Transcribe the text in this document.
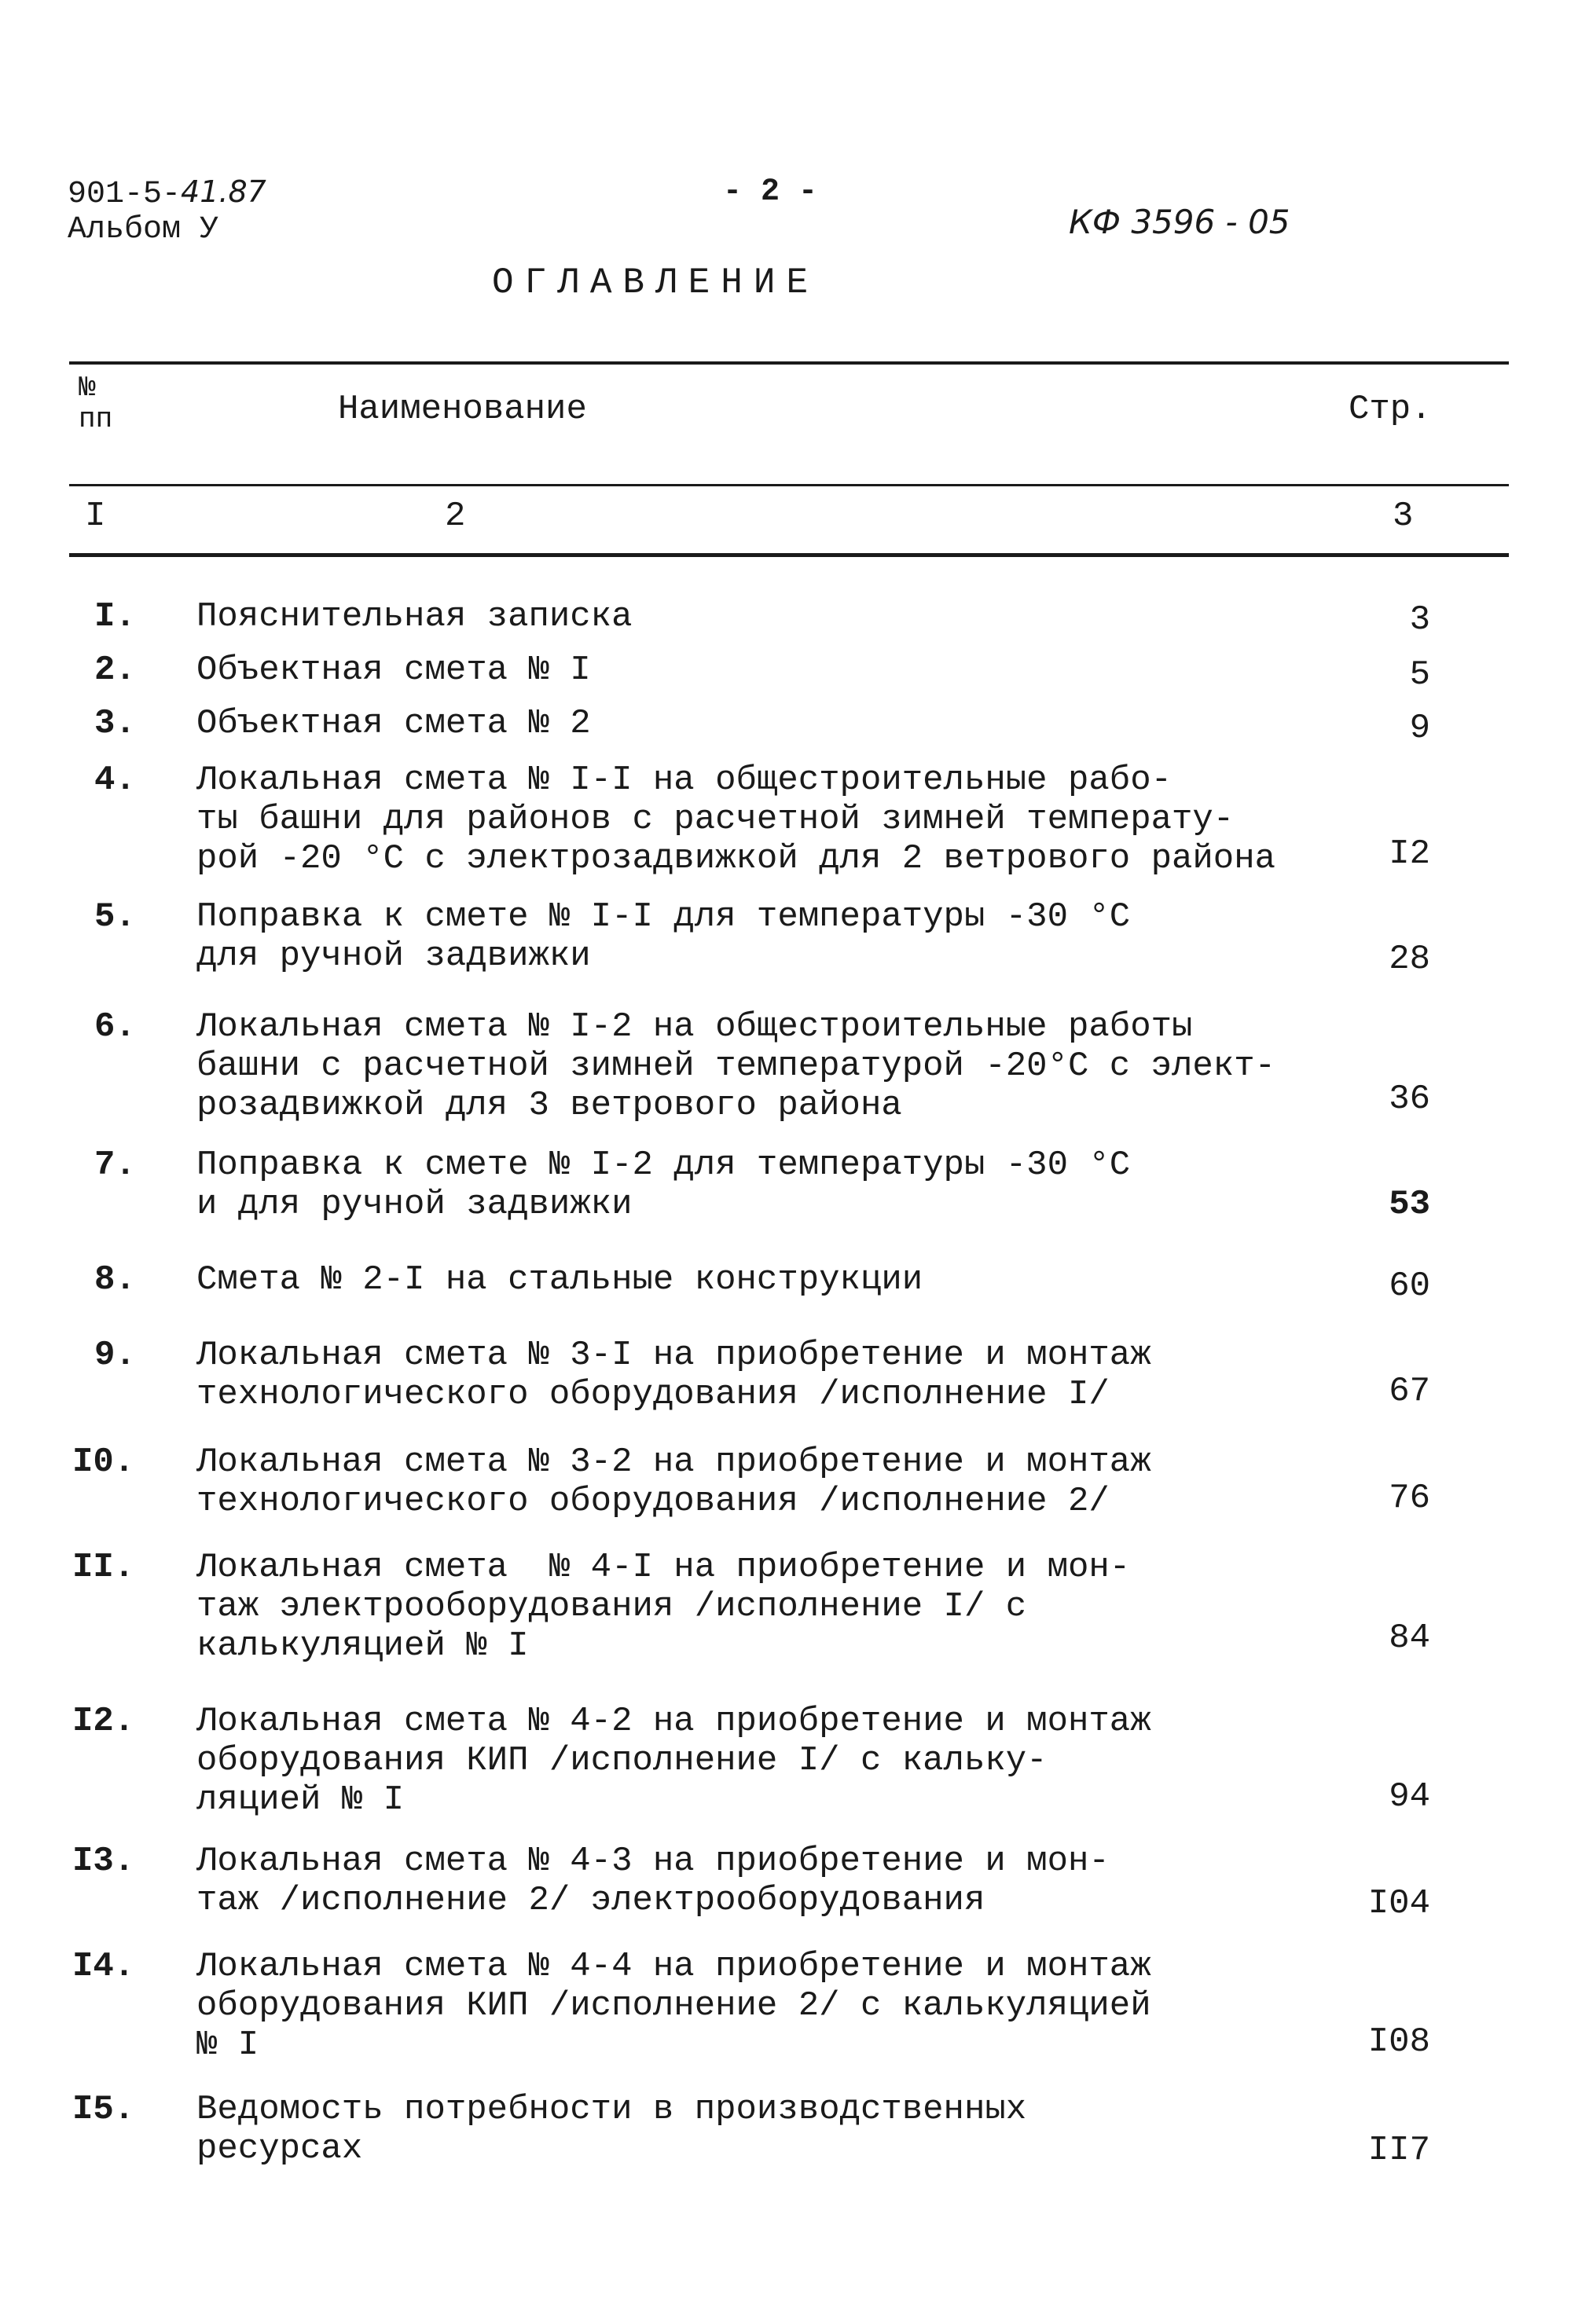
901-5-41.87
Альбом У
- 2 -
КФ 3596 - 05
ОГЛАВЛЕНИЕ
№
пп	Наименование	Стр.
I	2	3
I. Пояснительная записка	3
2. Объектная смета № I	5
3. Объектная смета № 2	9
4. Локальная смета № I-I на общестроительные рабо-
ты башни для районов с расчетной зимней температу-
рой -20 °С с электрозадвижкой для 2 ветрового района	I2
5. Поправка к смете № I-I для температуры -30 °С
для ручной задвижки	28
6. Локальная смета № I-2 на общестроительные работы
башни с расчетной зимней температурой -20°С с элект-
розадвижкой для 3 ветрового района	36
7. Поправка к смете № I-2 для температуры -30 °С
и для ручной задвижки	53
8. Смета № 2-I на стальные конструкции	60
9. Локальная смета № 3-I на приобретение и монтаж
технологического оборудования /исполнение I/	67
I0. Локальная смета № 3-2 на приобретение и монтаж
технологического оборудования /исполнение 2/	76
II. Локальная смета  № 4-I на приобретение и мон-
таж электрооборудования /исполнение I/ с
калькуляцией № I	84
I2. Локальная смета № 4-2 на приобретение и монтаж
оборудования КИП /исполнение I/ с кальку-
ляцией № I	94
I3. Локальная смета № 4-3 на приобретение и мон-
таж /исполнение 2/ электрооборудования	I04
I4. Локальная смета № 4-4 на приобретение и монтаж
оборудования КИП /исполнение 2/ с калькуляцией
№ I	I08
I5. Ведомость потребности в производственных
ресурсах	II7
